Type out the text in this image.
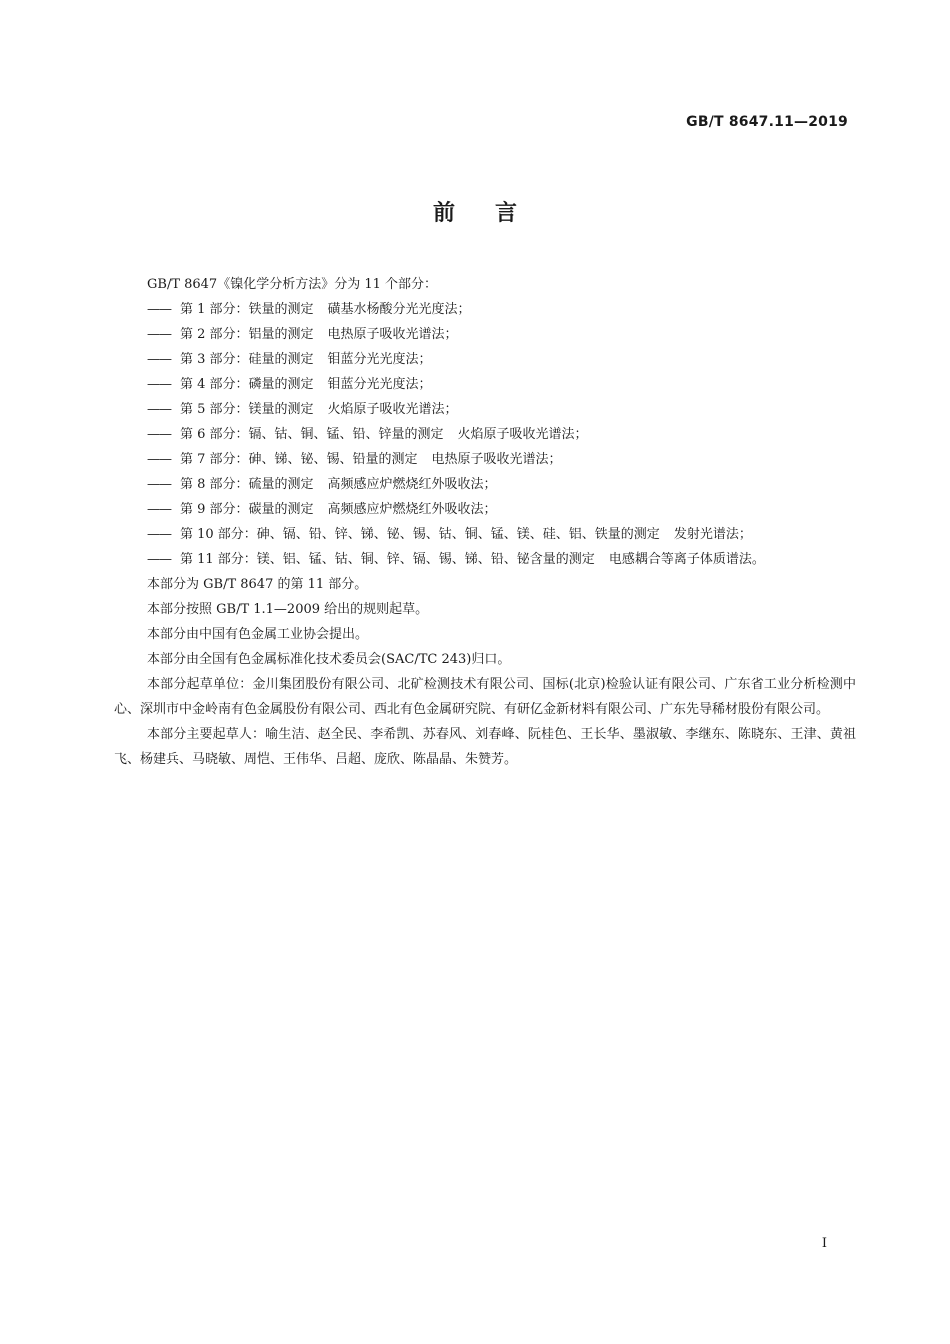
GB/T 8647.11—2019
前言

GB/T 8647《镍化学分析方法》分为 11 个部分：

—— 第 1 部分：铁量的测定 磺基水杨酸分光光度法；

—— 第 2 部分：铝量的测定 电热原子吸收光谱法；

—— 第 3 部分：硅量的测定 钼蓝分光光度法；

—— 第 4 部分：磷量的测定 钼蓝分光光度法；

—— 第 5 部分：镁量的测定 火焰原子吸收光谱法；

—— 第 6 部分：镉、钴、铜、锰、铅、锌量的测定 火焰原子吸收光谱法；

—— 第 7 部分：砷、锑、铋、锡、铅量的测定 电热原子吸收光谱法；

—— 第 8 部分：硫量的测定 高频感应炉燃烧红外吸收法；

—— 第 9 部分：碳量的测定 高频感应炉燃烧红外吸收法；

—— 第 10 部分：砷、镉、铅、锌、锑、铋、锡、钴、铜、锰、镁、硅、铝、铁量的测定 发射光谱法；

—— 第 11 部分：镁、铝、锰、钴、铜、锌、镉、锡、锑、铅、铋含量的测定 电感耦合等离子体质谱法。

本部分为 GB/T 8647 的第 11 部分。

本部分按照 GB/T 1.1—2009 给出的规则起草。

本部分由中国有色金属工业协会提出。

本部分由全国有色金属标准化技术委员会(SAC/TC 243)归口。

本部分起草单位：金川集团股份有限公司、北矿检测技术有限公司、国标(北京)检验认证有限公司、广东省工业分析检测中心、深圳市中金岭南有色金属股份有限公司、西北有色金属研究院、有研亿金新材料有限公司、广东先导稀材股份有限公司。

本部分主要起草人：喻生洁、赵全民、李希凯、苏春风、刘春峰、阮桂色、王长华、墨淑敏、李继东、陈晓东、王津、黄祖飞、杨建兵、马晓敏、周恺、王伟华、吕超、庞欣、陈晶晶、朱赞芳。

I
